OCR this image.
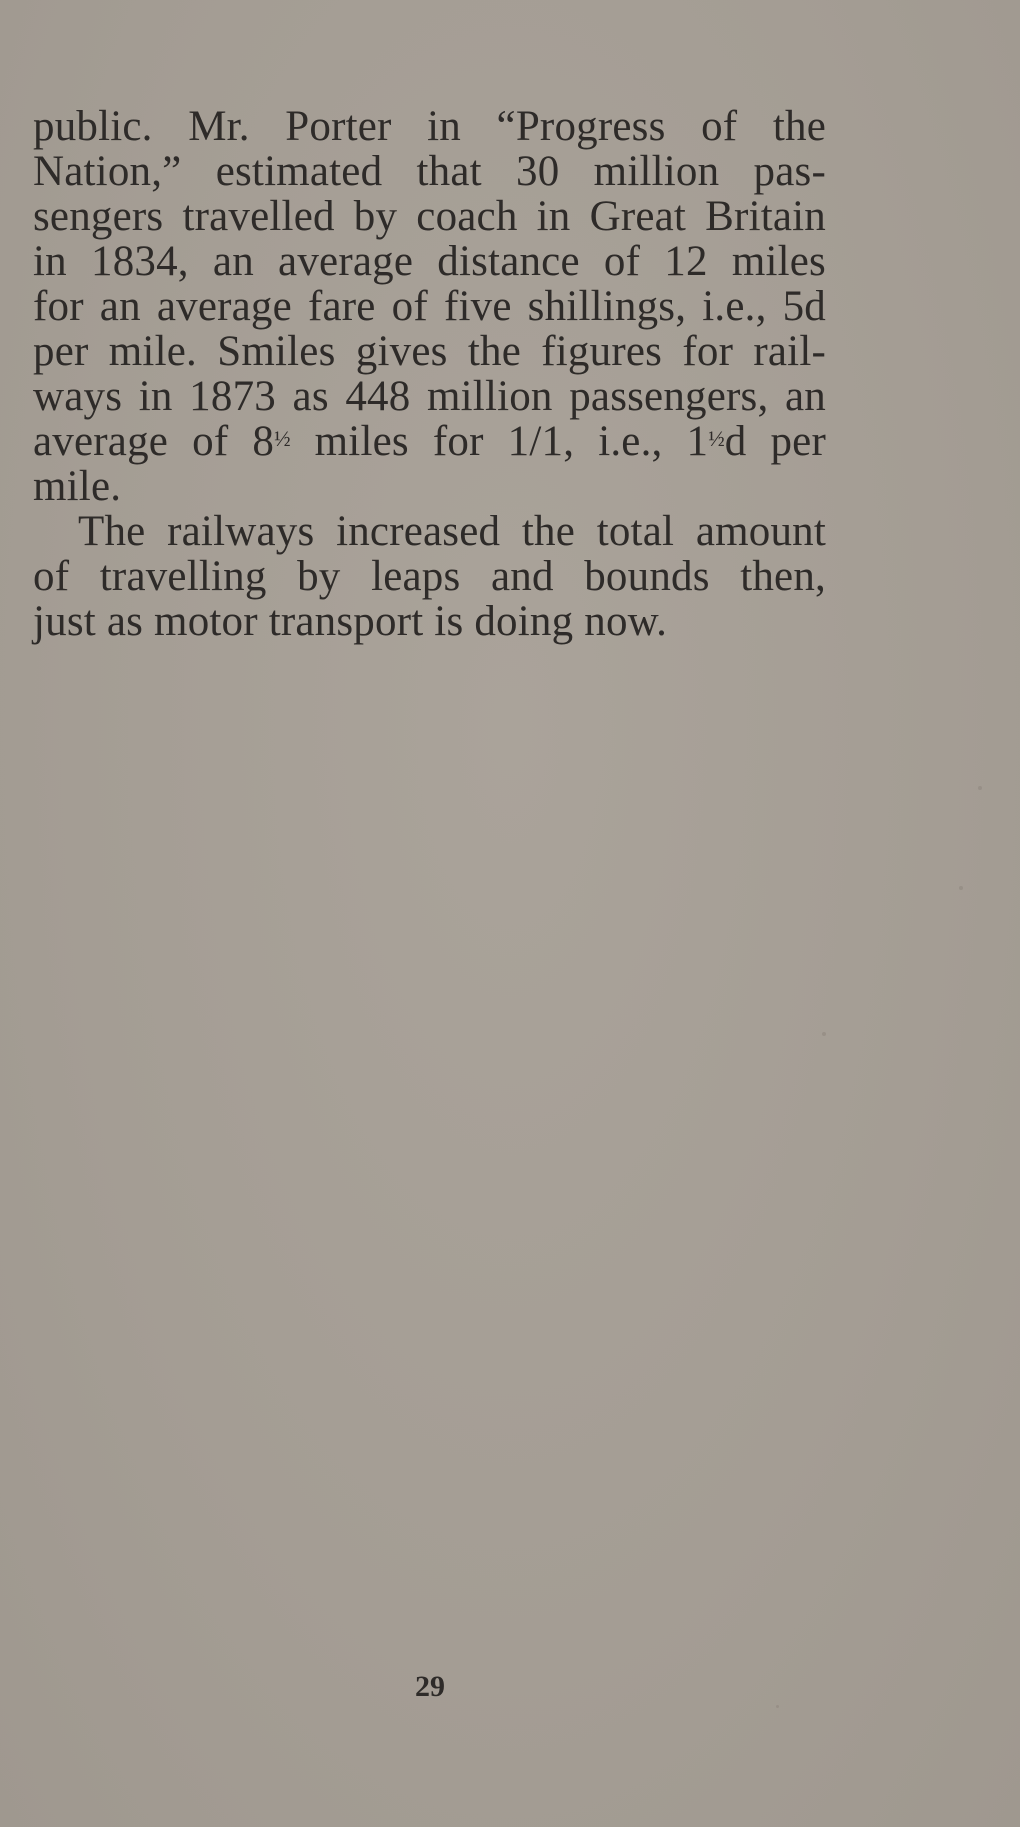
public. Mr. Porter in “Progress of the
Nation,” estimated that 30 million pas-
sengers travelled by coach in Great Britain
in 1834, an average distance of 12 miles
for an average fare of five shillings, i.e., 5d
per mile. Smiles gives the figures for rail-
ways in 1873 as 448 million passengers, an
average of 8½ miles for 1/1, i.e., 1½d per
mile.
The railways increased the total amount
of travelling by leaps and bounds then,
just as motor transport is doing now.
29
